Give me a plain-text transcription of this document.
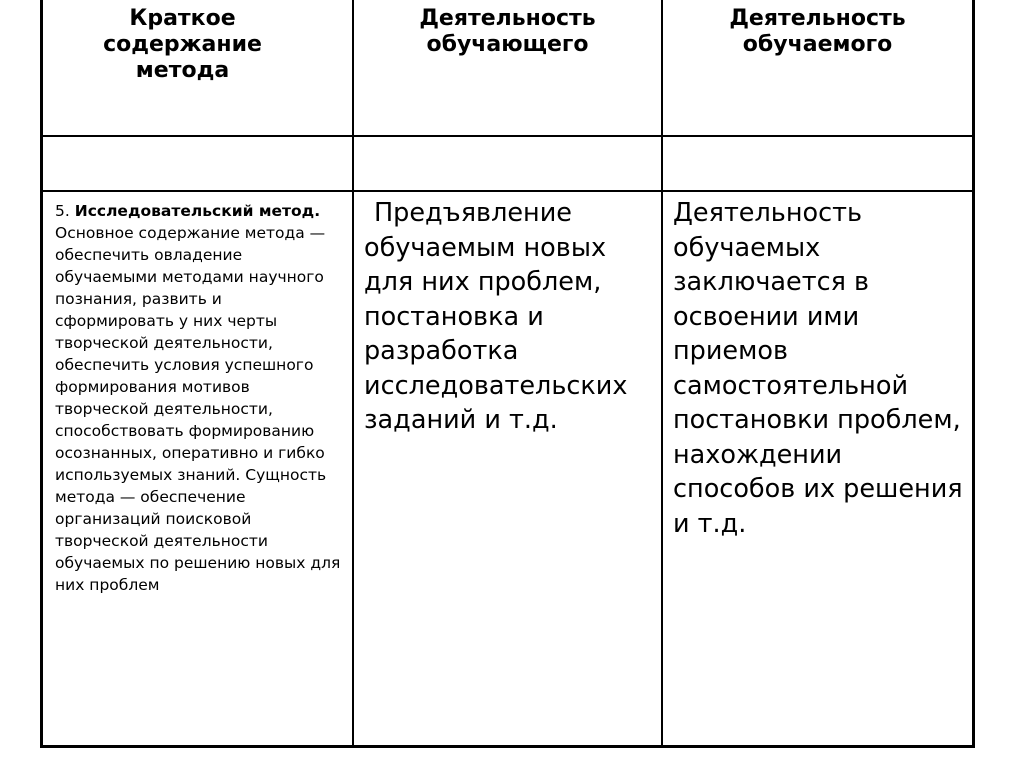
Краткое содержание метода	Деятельность обучающего	Деятельность обучаемого

5. Исследовательский метод. Основное содержание метода — обеспечить овладение обучаемыми методами научного познания, развить и сформировать у них черты творческой деятельности, обеспечить условия успешного формирования мотивов творческой деятельности, способствовать формированию осознанных, оперативно и гибко используемых знаний. Сущность метода — обеспечение организаций поисковой творческой деятельности обучаемых по решению новых для них проблем	Предъявление обучаемым новых для них проблем, постановка и разработка исследовательских заданий и т.д.	Деятельность обучаемых заключается в освоении ими приемов самостоятельной постановки проблем, нахождении способов их решения и т.д.
